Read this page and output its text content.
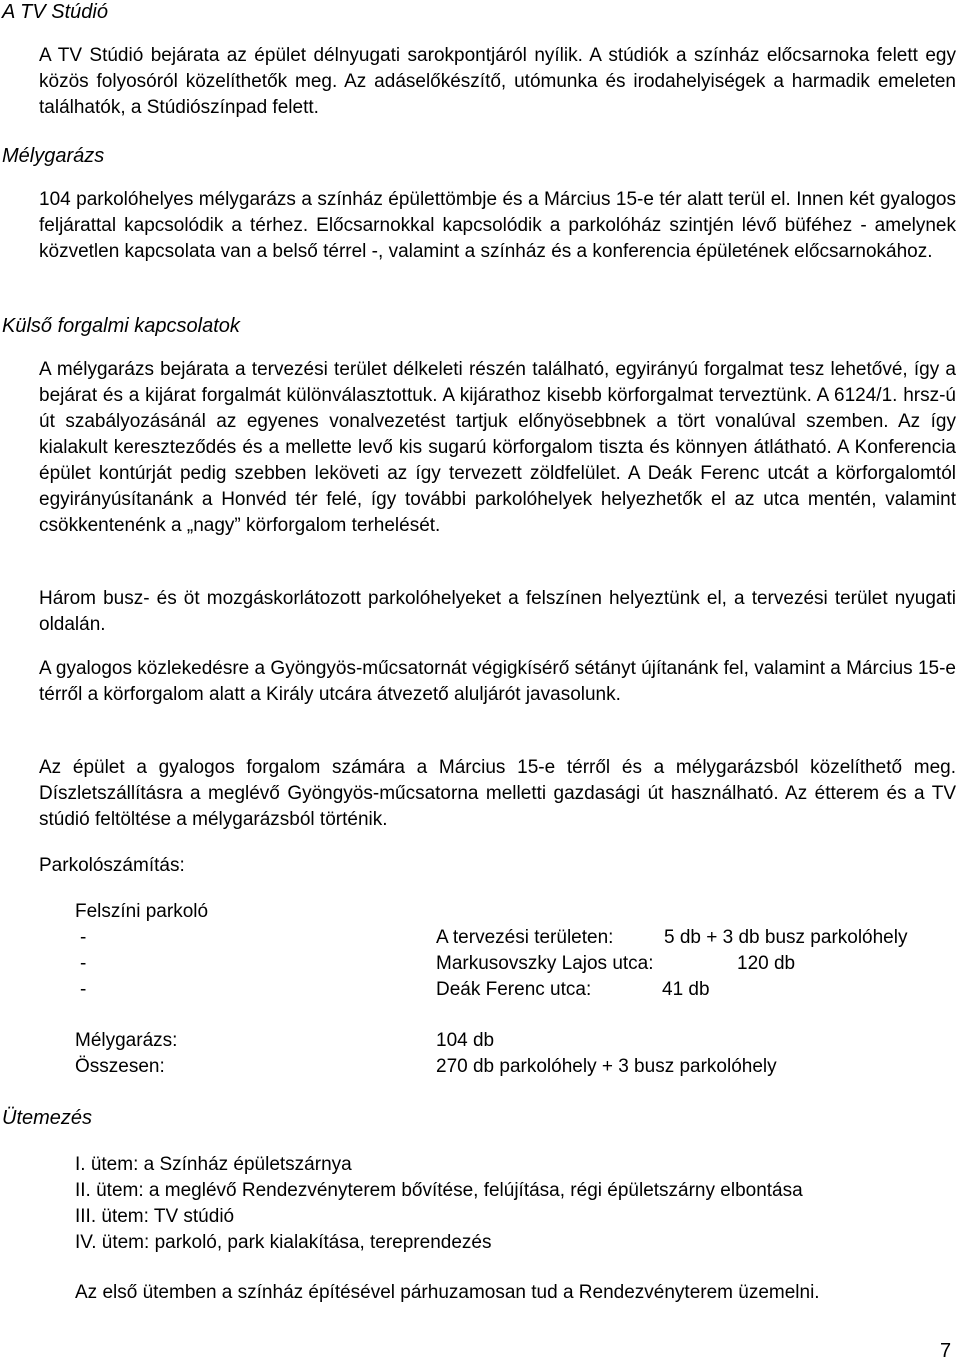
A TV Stúdió

A TV Stúdió bejárata az épület délnyugati sarokpontjáról nyílik. A stúdiók a színház előcsarnoka felett egy közös folyosóról közelíthetők meg. Az adáselőkészítő, utómunka és irodahelyiségek a harmadik emeleten találhatók, a Stúdiószínpad felett.

Mélygarázs

104 parkolóhelyes mélygarázs a színház épülettömbje és a Március 15-e tér alatt terül el. Innen két gyalogos feljárattal kapcsolódik a térhez. Előcsarnokkal kapcsolódik a parkolóház szintjén lévő büféhez - amelynek közvetlen kapcsolata van a belső térrel -, valamint a színház és a konferencia épületének előcsarnokához.

Külső forgalmi kapcsolatok

A mélygarázs bejárata a tervezési terület délkeleti részén található, egyirányú forgalmat tesz lehetővé, így a bejárat és a kijárat forgalmát különválasztottuk. A kijárathoz kisebb körforgalmat terveztünk. A 6124/1. hrsz-ú út szabályozásánál az egyenes vonalvezetést tartjuk előnyösebbnek a tört vonalúval szemben. Az így kialakult kereszteződés és a mellette levő kis sugarú körforgalom tiszta és könnyen átlátható. A Konferencia épület kontúrját pedig szebben leköveti az így tervezett zöldfelület. A Deák Ferenc utcát a körforgalomtól egyirányúsítanánk a Honvéd tér felé, így további parkolóhelyek helyezhetők el az utca mentén, valamint csökkentenénk a „nagy” körforgalom terhelését.

Három busz- és öt mozgáskorlátozott parkolóhelyeket a felszínen helyeztünk el, a tervezési terület nyugati oldalán.

A gyalogos közlekedésre a Gyöngyös-műcsatornát végigkísérő sétányt újítanánk fel, valamint a Március 15-e térről a körforgalom alatt a Király utcára átvezető aluljárót javasolunk.

Az épület a gyalogos forgalom számára a Március 15-e térről és a mélygarázsból közelíthető meg. Díszletszállításra a meglévő Gyöngyös-műcsatorna melletti gazdasági út használható. Az étterem és a TV stúdió feltöltése a mélygarázsból történik.

Parkolószámítás:

Felszíni parkoló

-	A tervezési területen:	5 db + 3 db busz parkolóhely

-	Markusovszky Lajos utca:	120 db

-	Deák Ferenc utca:	41 db

Mélygarázs:	104 db

Összesen:	270 db parkolóhely + 3 busz parkolóhely

Ütemezés

I. ütem: a Színház épületszárnya

II. ütem: a meglévő Rendezvényterem bővítése, felújítása, régi épületszárny elbontása

III. ütem: TV stúdió

IV. ütem: parkoló, park kialakítása, tereprendezés

Az első ütemben a színház építésével párhuzamosan tud a Rendezvényterem üzemelni.

7
